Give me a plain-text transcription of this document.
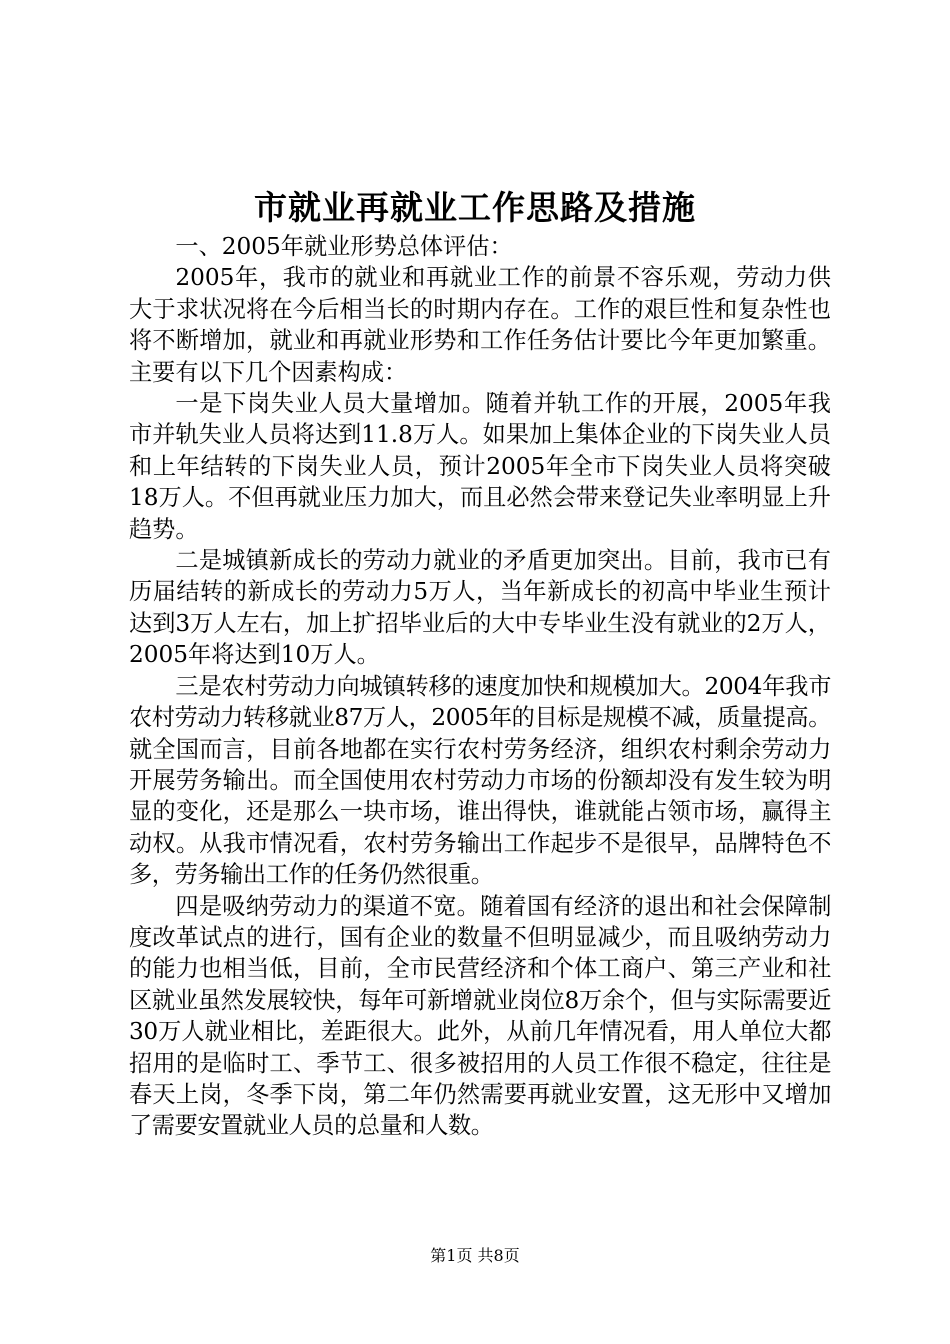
市就业再就业工作思路及措施

一、2005年就业形势总体评估：

2005年，我市的就业和再就业工作的前景不容乐观，劳动力供大于求状况将在今后相当长的时期内存在。工作的艰巨性和复杂性也将不断增加，就业和再就业形势和工作任务估计要比今年更加繁重。主要有以下几个因素构成：

一是下岗失业人员大量增加。随着并轨工作的开展，2005年我市并轨失业人员将达到11.8万人。如果加上集体企业的下岗失业人员和上年结转的下岗失业人员，预计2005年全市下岗失业人员将突破18万人。不但再就业压力加大，而且必然会带来登记失业率明显上升趋势。

二是城镇新成长的劳动力就业的矛盾更加突出。目前，我市已有历届结转的新成长的劳动力5万人，当年新成长的初高中毕业生预计达到3万人左右，加上扩招毕业后的大中专毕业生没有就业的2万人，2005年将达到10万人。

三是农村劳动力向城镇转移的速度加快和规模加大。2004年我市农村劳动力转移就业87万人，2005年的目标是规模不减，质量提高。就全国而言，目前各地都在实行农村劳务经济，组织农村剩余劳动力开展劳务输出。而全国使用农村劳动力市场的份额却没有发生较为明显的变化，还是那么一块市场，谁出得快，谁就能占领市场，赢得主动权。从我市情况看，农村劳务输出工作起步不是很早，品牌特色不多，劳务输出工作的任务仍然很重。

四是吸纳劳动力的渠道不宽。随着国有经济的退出和社会保障制度改革试点的进行，国有企业的数量不但明显减少，而且吸纳劳动力的能力也相当低，目前，全市民营经济和个体工商户、第三产业和社区就业虽然发展较快，每年可新增就业岗位8万余个，但与实际需要近30万人就业相比，差距很大。此外，从前几年情况看，用人单位大都招用的是临时工、季节工、很多被招用的人员工作很不稳定，往往是春天上岗，冬季下岗，第二年仍然需要再就业安置，这无形中又增加了需要安置就业人员的总量和人数。

第1页 共8页
